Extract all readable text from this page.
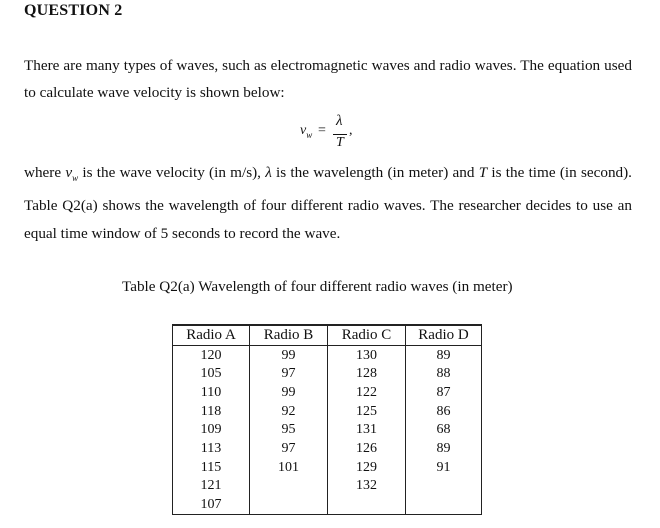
QUESTION 2
There are many types of waves, such as electromagnetic waves and radio waves. The equation used to calculate wave velocity is shown below:
$v_w$ =
λ
T
,
where $v_w$ is the wave velocity (in m/s), λ is the wavelength (in meter) and T is the time (in second). Table Q2(a) shows the wavelength of four different radio waves. The researcher decides to use an equal time window of 5 seconds to record the wave.
Table Q2(a) Wavelength of four different radio waves (in meter)
Radio A	Radio B	Radio C	Radio D
120	99	130	89
105	97	128	88
110	99	122	87
118	92	125	86
109	95	131	68
113	97	126	89
115	101	129	91
121		132	
107			
